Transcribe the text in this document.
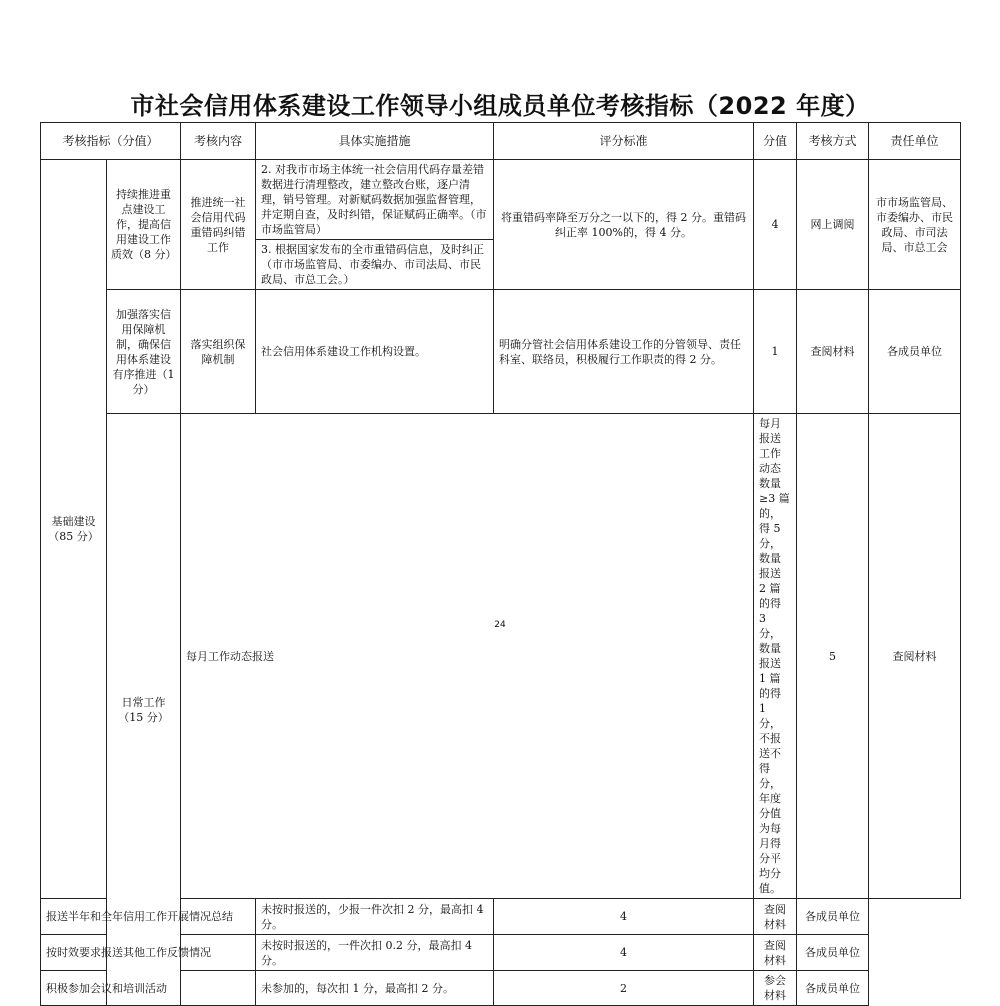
市社会信用体系建设工作领导小组成员单位考核指标（2022 年度）
考核指标（分值）		考核内容	具体实施措施	评分标准	分值	考核方式	责任单位	
基础建设（85 分）	持续推进重点建设工作，提高信用建设工作质效（8 分）	推进统一社会信用代码重错码纠错工作	2. 对我市市场主体统一社会信用代码存量差错数据进行清理整改，建立整改台账，逐户清理，销号管理。对新赋码数据加强监督管理，并定期自查，及时纠错，保证赋码正确率。（市市场监管局）	将重错码率降至万分之一以下的，得 2 分。重错码纠正率 100%的，得 4 分。	4	网上调阅	市市场监管局、市委编办、市民政局、市司法局、市总工会	
			3. 根据国家发布的全市重错码信息，及时纠正（市市场监管局、市委编办、市司法局、市民政局、市总工会。）					
	加强落实信用保障机制，确保信用体系建设有序推进（1 分）	落实组织保障机制	社会信用体系建设工作机构设置。	明确分管社会信用体系建设工作的分管领导、责任科室、联络员，积极履行工作职责的得 2 分。	1	查阅材料	各成员单位	
	日常工作（15 分）	每月工作动态报送			每月报送工作动态数量≥3 篇的，得 5 分，数量报送 2 篇的得 3 分，数量报送 1 篇的得 1 分，不报送不得分，年度分值为每月得分平均分值。	5	查阅材料	
报送半年和全年信用工作开展情况总结			未按时报送的，少报一件次扣 2 分，最高扣 4 分。	4	查阅材料	各成员单位		
按时效要求报送其他工作反馈情况			未按时报送的，一件次扣 0.2 分，最高扣 4 分。	4	查阅材料	各成员单位		
积极参加会议和培训活动			未参加的，每次扣 1 分，最高扣 2 分。	2	参会材料	各成员单位		
24
